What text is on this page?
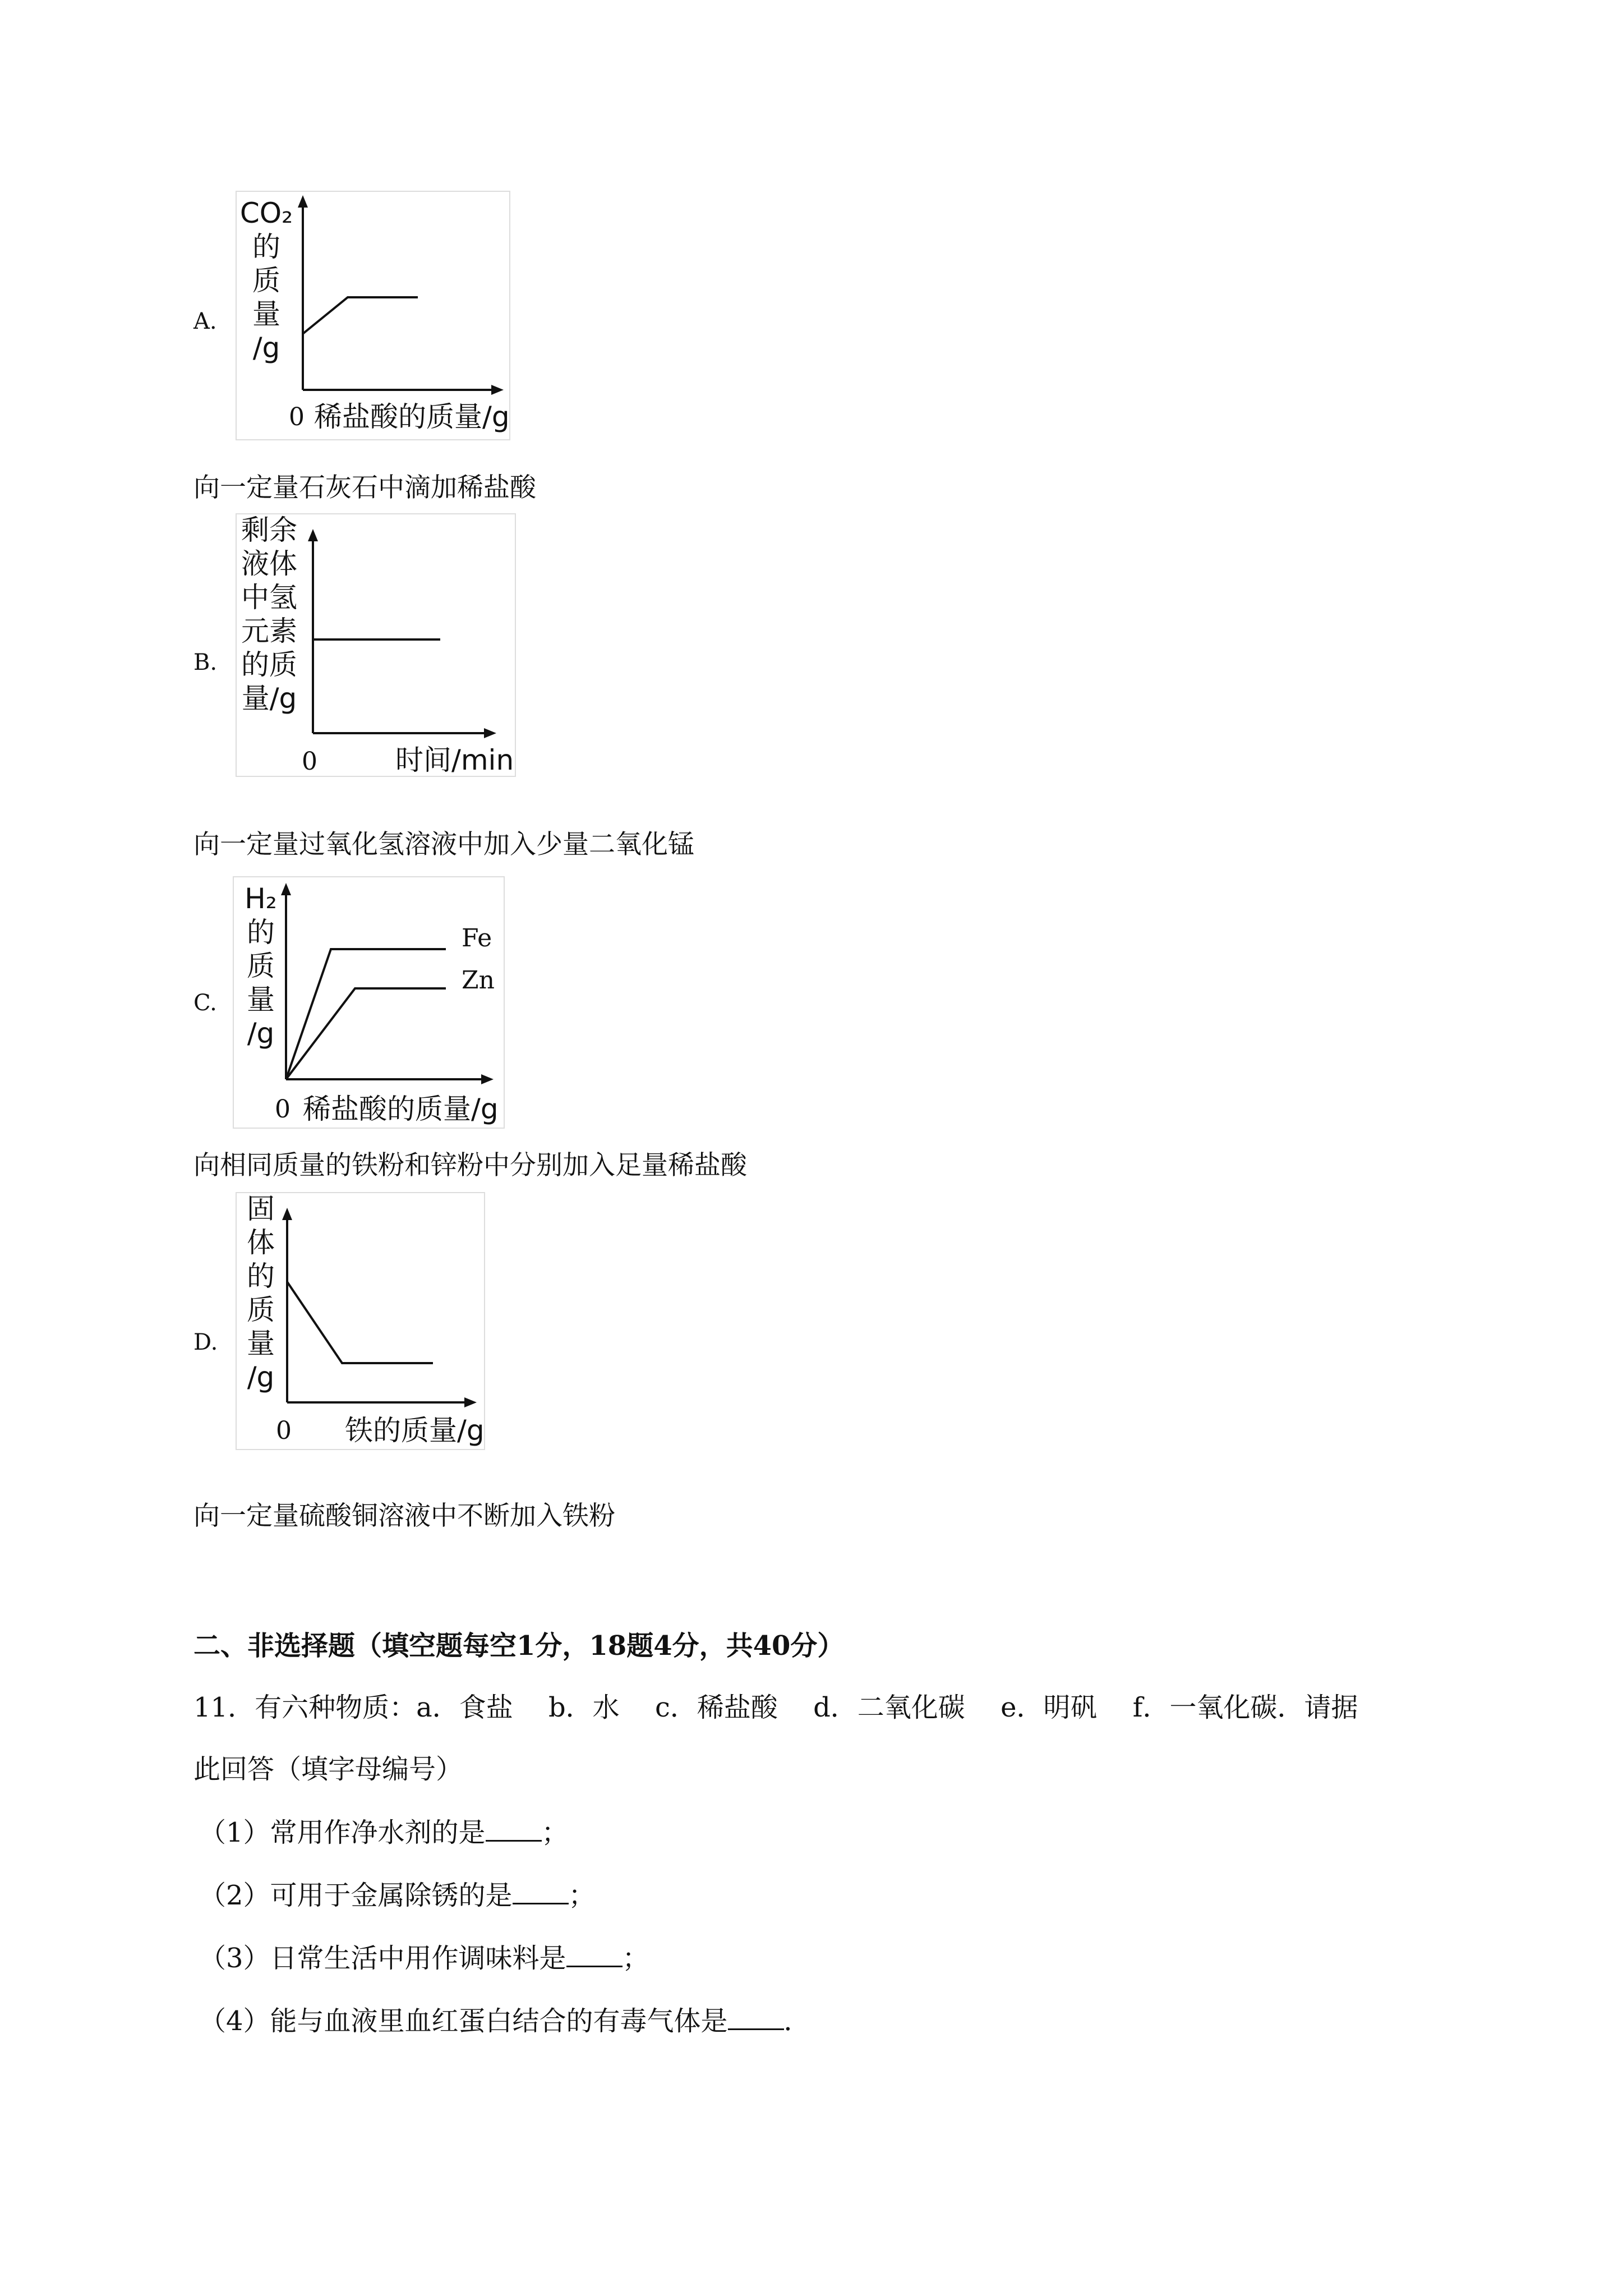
A.
CO₂
的
质
量
/g
0 稀盐酸的质量/g
向一定量石灰石中滴加稀盐酸
B.
剩余
液体
中氢
元素
的质
量/g
0	时间/min
向一定量过氧化氢溶液中加入少量二氧化锰
C.
H₂
的
质
量
/g
Fe
Zn
0 稀盐酸的质量/g
向相同质量的铁粉和锌粉中分别加入足量稀盐酸
D.
固
体
的
质
量
/g
0 铁的质量/g
向一定量硫酸铜溶液中不断加入铁粉
二、非选择题（填空题每空1分，18题4分，共40分）
11．有六种物质：a．食盐　 b．水　 c．稀盐酸　 d．二氧化碳　 e．明矾　 f．一氧化碳．请据
此回答（填字母编号）
（1）常用作净水剂的是 ；
（2）可用于金属除锈的是 ；
（3）日常生活中用作调味料是 ；
（4）能与血液里血红蛋白结合的有毒气体是 ．
